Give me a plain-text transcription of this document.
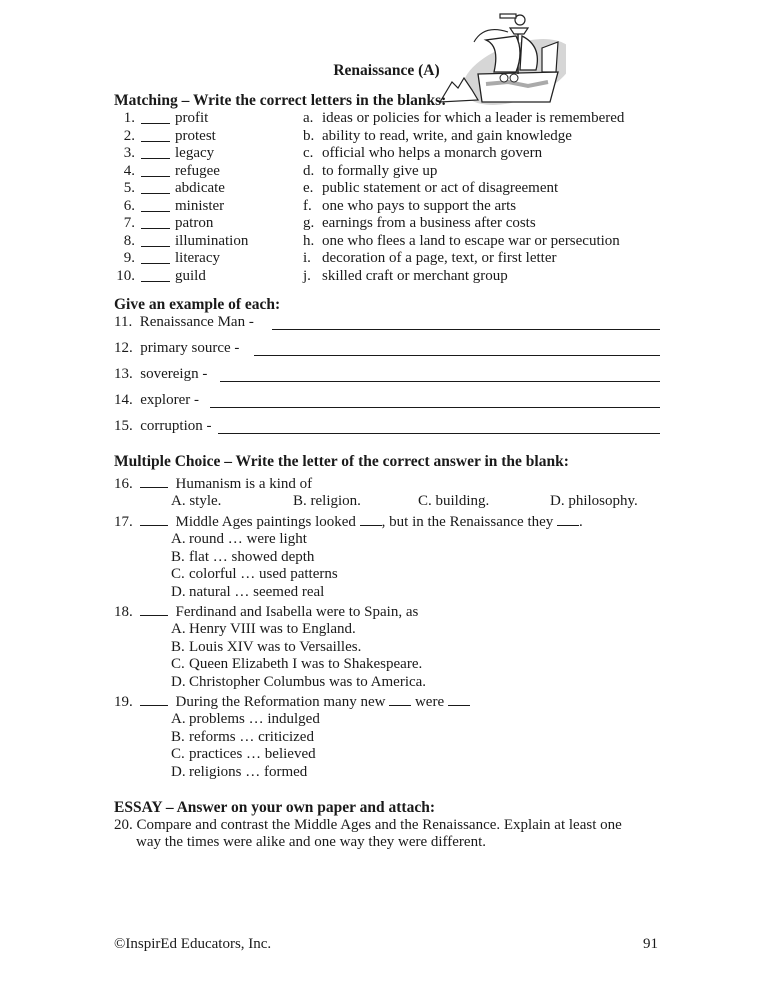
Renaissance (A)
Matching – Write the correct letters in the blanks:
1.	profit	a. ideas or policies for which a leader is remembered
2.	protest	b. ability to read, write, and gain knowledge
3.	legacy	c. official who helps a monarch govern
4.	refugee	d. to formally give up
5.	abdicate	e. public statement or act of disagreement
6.	minister	f. one who pays to support the arts
7.	patron	g. earnings from a business after costs
8.	illumination	h. one who flees a land to escape war or persecution
9.	literacy	i. decoration of a page, text, or first letter
10.	guild	j. skilled craft or merchant group
Give an example of each:
11.  Renaissance Man -
12.  primary source -
13.  sovereign -
14.  explorer -
15.  corruption -
Multiple Choice – Write the letter of the correct answer in the blank:
16.	Humanism is a kind of
A. style.	B. religion.	C. building.	D. philosophy.
17.	Middle Ages paintings looked , but in the Renaissance they .
A. round … were light
B. flat … showed depth
C. colorful … used patterns
D. natural … seemed real
18.	Ferdinand and Isabella were to Spain, as
A. Henry VIII was to England.
B. Louis XIV was to Versailles.
C. Queen Elizabeth I was to Shakespeare.
D. Christopher Columbus was to America.
19.	During the Reformation many new  were
A. problems … indulged
B. reforms … criticized
C. practices … believed
D. religions … formed
ESSAY – Answer on your own paper and attach:
20. Compare and contrast the Middle Ages and the Renaissance. Explain at least one
way the times were alike and one way they were different.
©InspirEd Educators, Inc.	91
